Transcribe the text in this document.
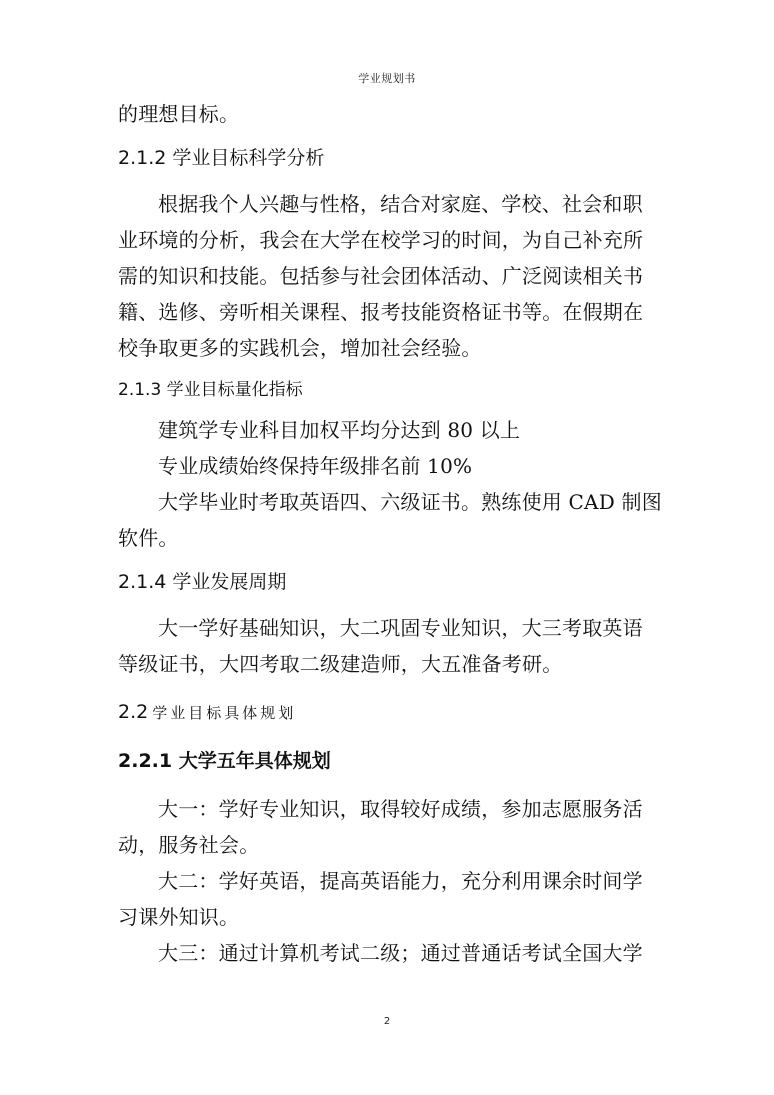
学业规划书
的理想目标。
2.1.2 学业目标科学分析
根据我个人兴趣与性格，结合对家庭、学校、社会和职
业环境的分析，我会在大学在校学习的时间，为自己补充所
需的知识和技能。包括参与社会团体活动、广泛阅读相关书
籍、选修、旁听相关课程、报考技能资格证书等。在假期在
校争取更多的实践机会，增加社会经验。
2.1.3 学业目标量化指标
建筑学专业科目加权平均分达到 80 以上
专业成绩始终保持年级排名前 10%
大学毕业时考取英语四、六级证书。熟练使用 CAD 制图
软件。
2.1.4 学业发展周期
大一学好基础知识，大二巩固专业知识，大三考取英语
等级证书，大四考取二级建造师，大五准备考研。
2.2 学业目标具体规划
2.2.1 大学五年具体规划
大一：学好专业知识，取得较好成绩，参加志愿服务活
动，服务社会。
大二：学好英语，提高英语能力，充分利用课余时间学
习课外知识。
大三：通过计算机考试二级；通过普通话考试全国大学
2
